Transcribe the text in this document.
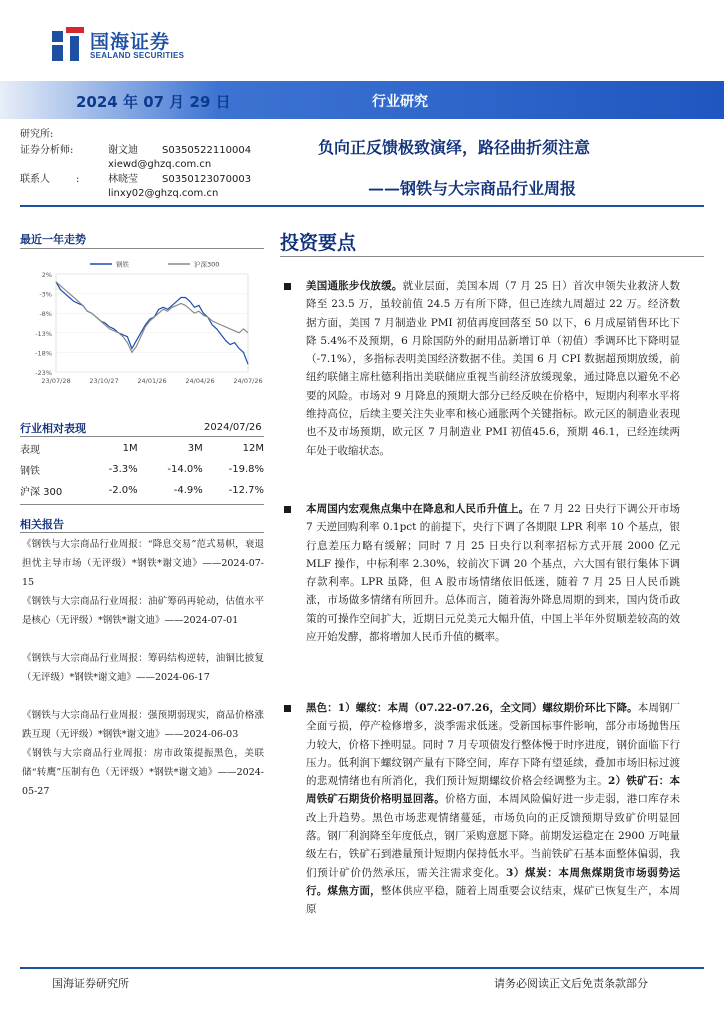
国海证券
SEALAND SECURITIES
2024 年 07 月 29 日	行业研究
研究所:
证券分析师:	谢文迪 S0350522110004
xiewd@ghzq.com.cn
联系人	:	林晓莹 S0350123070003
linxy02@ghzq.com.cn
负向正反馈极致演绎，路径曲折须注意
——钢铁与大宗商品行业周报
最近一年走势
2%
-3%
-8%
-13%
-18%
-23%
23/07/28	23/10/27	24/01/26	24/04/26	24/07/26
钢铁	沪深300
行业相对表现	2024/07/26
表现	1M	3M	12M
钢铁	-3.3%	-14.0%	-19.8%
沪深 300	-2.0%	-4.9%	-12.7%
相关报告
《钢铁与大宗商品行业周报：“降息交易”范式易帜，衰退担忧主导市场（无评级）*钢铁*谢文迪》——2024-07-15
《钢铁与大宗商品行业周报：油矿筹码再轮动，估值水平是核心（无评级）*钢铁*谢文迪》——2024-07-01
《钢铁与大宗商品行业周报：筹码结构逆转，油铜比披复（无评级）*钢铁*谢文迪》——2024-06-17
《钢铁与大宗商品行业周报：强预期弱现实，商品价格涨跌互现（无评级）*钢铁*谢文迪》——2024-06-03
《钢铁与大宗商品行业周报：房市政策提振黑色，美联储“转鹰”压制有色（无评级）*钢铁*谢文迪》——2024-05-27
投资要点
美国通胀步伐放缓。就业层面，美国本周（7 月 25 日）首次申领失业救济人数降至 23.5 万，虽较前值 24.5 万有所下降，但已连续九周超过 22 万。经济数据方面，美国 7 月制造业 PMI 初值再度回落至 50 以下，6 月成屋销售环比下降 5.4%不及预期，6 月除国防外的耐用品新增订单（初值）季调环比下降明显（-7.1%），多指标表明美国经济数据不佳。美国 6 月 CPI 数据超预期放缓，前纽约联储主席杜德利指出美联储应重视当前经济放缓现象，通过降息以避免不必要的风险。市场对 9 月降息的预期大部分已经反映在价格中，短期内利率水平将维持高位，后续主要关注失业率和核心通胀两个关键指标。欧元区的制造业表现也不及市场预期，欧元区 7 月制造业 PMI 初值45.6，预期 46.1，已经连续两年处于收缩状态。
本周国内宏观焦点集中在降息和人民币升值上。在 7 月 22 日央行下调公开市场 7 天逆回购利率 0.1pct 的前提下，央行下调了各期限 LPR 利率 10 个基点，银行息差压力略有缓解；同时 7 月 25 日央行以利率招标方式开展 2000 亿元 MLF 操作，中标利率 2.30%，较前次下调 20 个基点，六大国有银行集体下调存款利率。LPR 虽降，但 A 股市场情绪依旧低迷，随着 7 月 25 日人民币跳涨，市场做多情绪有所回升。总体而言，随着海外降息周期的到来，国内货币政策的可操作空间扩大，近期日元兑美元大幅升值，中国上半年外贸顺差较高的效应开始发酵，都将增加人民币升值的概率。
黑色：1）螺纹：本周（07.22-07.26，全文同）螺纹期价环比下降。本周钢厂全面亏损，停产检修增多，淡季需求低迷。受新国标事件影响，部分市场抛售压力较大，价格下挫明显。同时 7 月专项债发行整体慢于时序进度，钢价面临下行压力。低利润下螺纹钢产量有下降空间，库存下降有望延续，叠加市场旧标过渡的悲观情绪也有所消化，我们预计短期螺纹价格会经调整为主。2）铁矿石：本周铁矿石期货价格明显回落。价格方面，本周风险偏好进一步走弱，港口库存未改上升趋势。黑色市场悲观情绪蔓延，市场负向的正反馈预期导致矿价明显回落。钢厂利润降至年度低点，钢厂采购意愿下降。前期发运稳定在 2900 万吨量级左右，铁矿石到港量预计短期内保持低水平。当前铁矿石基本面整体偏弱，我们预计矿价仍然承压，需关注需求变化。3）煤炭：本周焦煤期货市场弱势运行。煤焦方面，整体供应平稳，随着上周重要会议结束，煤矿已恢复生产，本周原
国海证券研究所	请务必阅读正文后免责条款部分
